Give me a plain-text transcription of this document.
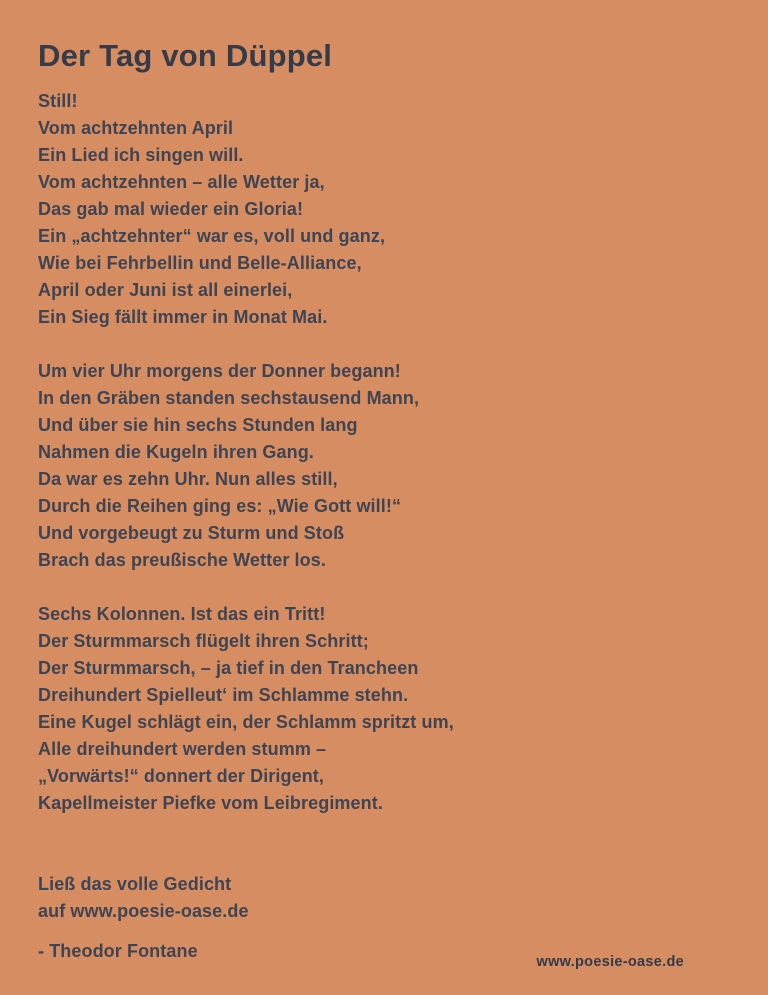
Der Tag von Düppel
Still!
Vom achtzehnten April
Ein Lied ich singen will.
Vom achtzehnten – alle Wetter ja,
Das gab mal wieder ein Gloria!
Ein „achtzehnter“ war es, voll und ganz,
Wie bei Fehrbellin und Belle-Alliance,
April oder Juni ist all einerlei,
Ein Sieg fällt immer in Monat Mai.
Um vier Uhr morgens der Donner begann!
In den Gräben standen sechstausend Mann,
Und über sie hin sechs Stunden lang
Nahmen die Kugeln ihren Gang.
Da war es zehn Uhr. Nun alles still,
Durch die Reihen ging es: „Wie Gott will!“
Und vorgebeugt zu Sturm und Stoß
Brach das preußische Wetter los.
Sechs Kolonnen. Ist das ein Tritt!
Der Sturmmarsch flügelt ihren Schritt;
Der Sturmmarsch, – ja tief in den Trancheen
Dreihundert Spielleut‘ im Schlamme stehn.
Eine Kugel schlägt ein, der Schlamm spritzt um,
Alle dreihundert werden stumm –
„Vorwärts!“ donnert der Dirigent,
Kapellmeister Piefke vom Leibregiment.
Ließ das volle Gedicht
auf www.poesie-oase.de
- Theodor Fontane
www.poesie-oase.de
